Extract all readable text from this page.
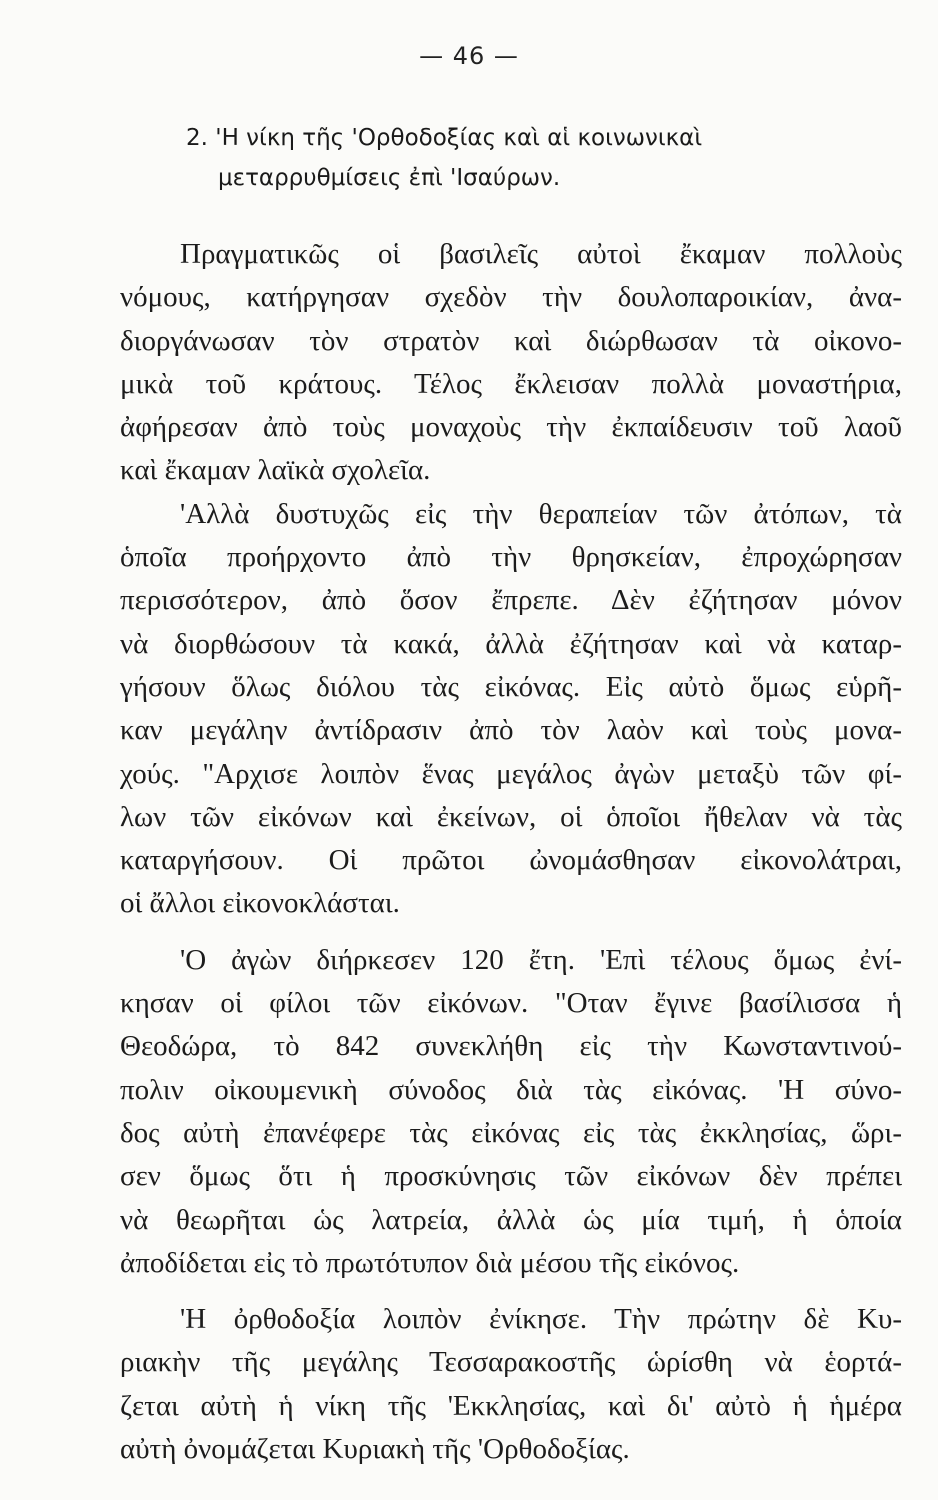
— 46 —
2. 'Η νίκη τῆς 'Ορθοδοξίας καὶ αἱ κοινωνικαὶ
μεταρρυθμίσεις ἐπὶ 'Ισαύρων.

Πραγματικῶς οἱ βασιλεῖς αὐτοὶ ἔκαμαν πολλοὺς
νόμους, κατήργησαν σχεδὸν τὴν δουλοπαροικίαν, ἀνα-
διοργάνωσαν τὸν στρατὸν καὶ διώρθωσαν τὰ οἰκονο-
μικὰ τοῦ κράτους. Τέλος ἔκλεισαν πολλὰ μοναστήρια,
ἀφήρεσαν ἀπὸ τοὺς μοναχοὺς τὴν ἐκπαίδευσιν τοῦ λαοῦ
καὶ ἔκαμαν λαϊκὰ σχολεῖα.

'Αλλὰ δυστυχῶς εἰς τὴν θεραπείαν τῶν ἀτόπων, τὰ
ὁποῖα προήρχοντο ἀπὸ τὴν θρησκείαν, ἐπροχώρησαν
περισσότερον, ἀπὸ ὅσον ἔπρεπε. Δὲν ἐζήτησαν μόνον
νὰ διορθώσουν τὰ κακά, ἀλλὰ ἐζήτησαν καὶ νὰ καταρ-
γήσουν ὅλως διόλου τὰς εἰκόνας. Εἰς αὐτὸ ὅμως εὑρῆ-
καν μεγάλην ἀντίδρασιν ἀπὸ τὸν λαὸν καὶ τοὺς μονα-
χούς. "Αρχισε λοιπὸν ἕνας μεγάλος ἀγὼν μεταξὺ τῶν φί-
λων τῶν εἰκόνων καὶ ἐκείνων, οἱ ὁποῖοι ἤθελαν νὰ τὰς
καταργήσουν. Οἱ πρῶτοι ὠνομάσθησαν εἰκονολάτραι,
οἱ ἄλλοι εἰκονοκλάσται.

'Ο ἀγὼν διήρκεσεν 120 ἔτη. 'Επὶ τέλους ὅμως ἐνί-
κησαν οἱ φίλοι τῶν εἰκόνων. "Οταν ἔγινε βασίλισσα ἡ
Θεοδώρα, τὸ 842 συνεκλήθη εἰς τὴν Κωνσταντινού-
πολιν οἰκουμενικὴ σύνοδος διὰ τὰς εἰκόνας. 'Η σύνο-
δος αὐτὴ ἐπανέφερε τὰς εἰκόνας εἰς τὰς ἐκκλησίας, ὥρι-
σεν ὅμως ὅτι ἡ προσκύνησις τῶν εἰκόνων δὲν πρέπει
νὰ θεωρῆται ὡς λατρεία, ἀλλὰ ὡς μία τιμή, ἡ ὁποία
ἀποδίδεται εἰς τὸ πρωτότυπον διὰ μέσου τῆς εἰκόνος.

'Η ὀρθοδοξία λοιπὸν ἐνίκησε. Τὴν πρώτην δὲ Κυ-
ριακὴν τῆς μεγάλης Τεσσαρακοστῆς ὡρίσθη νὰ ἑορτά-
ζεται αὐτὴ ἡ νίκη τῆς 'Εκκλησίας, καὶ δι' αὐτὸ ἡ ἡμέρα
αὐτὴ ὀνομάζεται Κυριακὴ τῆς 'Ορθοδοξίας.
